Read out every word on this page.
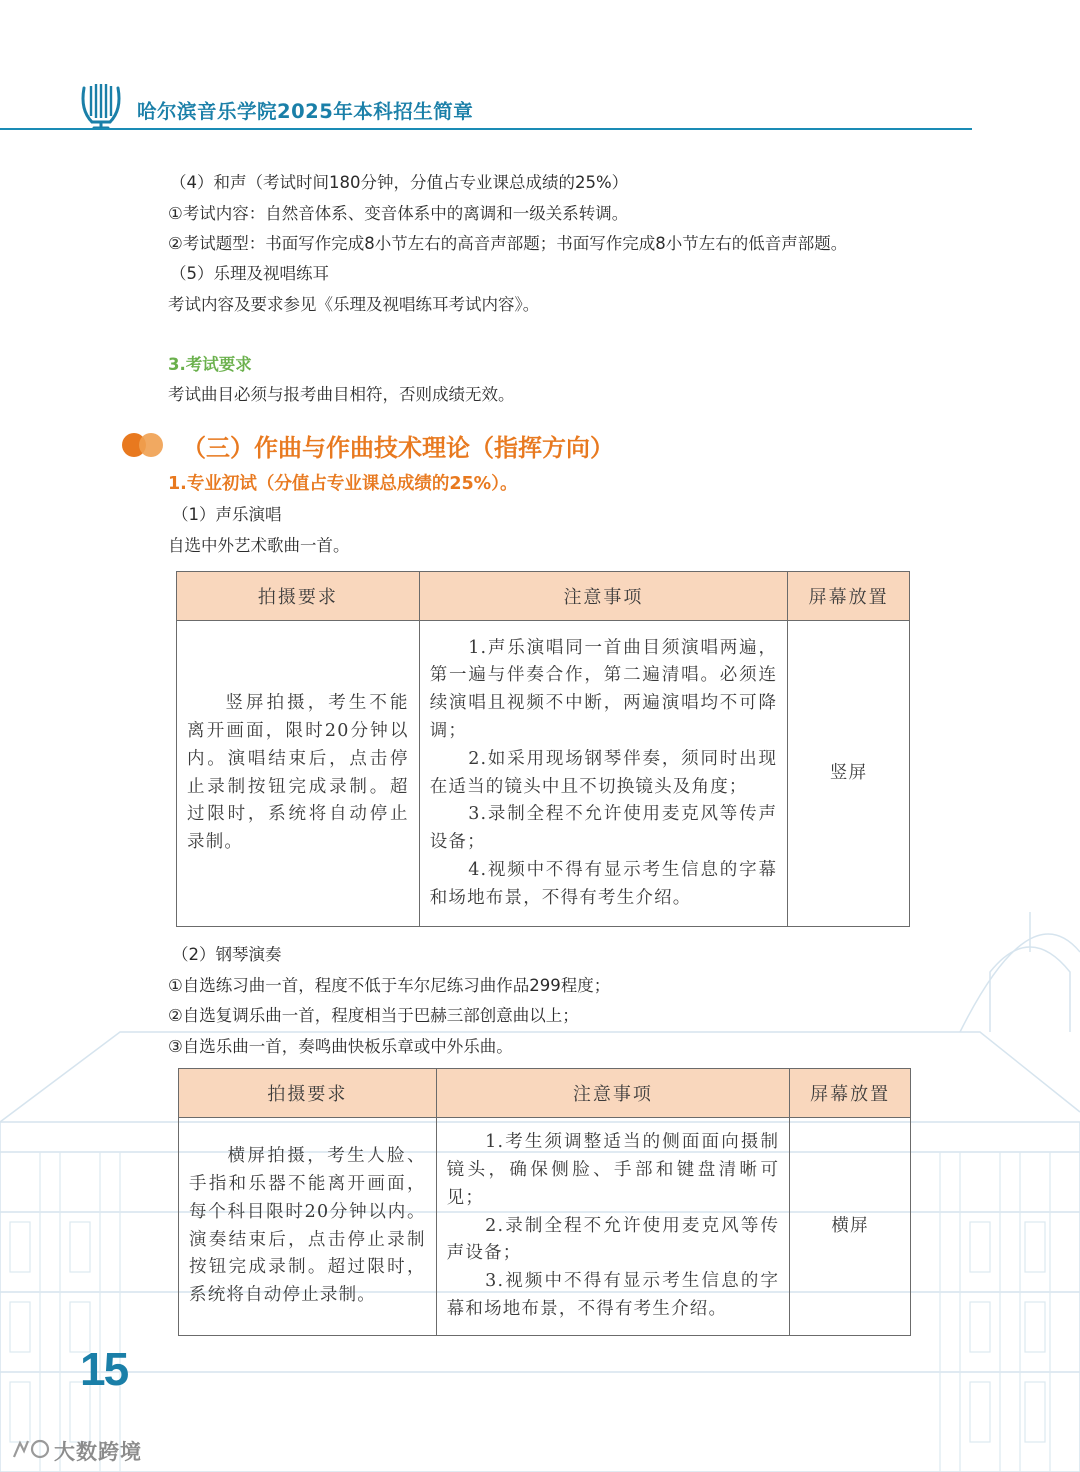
哈尔滨音乐学院2025年本科招生简章
（4）和声（考试时间180分钟，分值占专业课总成绩的25%）
①考试内容：自然音体系、变音体系中的离调和一级关系转调。
②考试题型：书面写作完成8小节左右的高音声部题；书面写作完成8小节左右的低音声部题。
（5）乐理及视唱练耳
考试内容及要求参见《乐理及视唱练耳考试内容》。
3.考试要求
考试曲目必须与报考曲目相符，否则成绩无效。
（三）作曲与作曲技术理论（指挥方向）
1.专业初试（分值占专业课总成绩的25%）。
（1）声乐演唱
自选中外艺术歌曲一首。
拍摄要求	注意事项	屏幕放置

竖屏拍摄，考生不能离开画面，限时20分钟以内。演唱结束后，点击停止录制按钮完成录制。超过限时，系统将自动停止录制。	1.声乐演唱同一首曲目须演唱两遍，第一遍与伴奏合作，第二遍清唱。必须连续演唱且视频不中断，两遍演唱均不可降调；
2.如采用现场钢琴伴奏，须同时出现在适当的镜头中且不切换镜头及角度；
3.录制全程不允许使用麦克风等传声设备；
4.视频中不得有显示考生信息的字幕和场地布景，不得有考生介绍。	竖屏
（2）钢琴演奏
①自选练习曲一首，程度不低于车尔尼练习曲作品299程度；
②自选复调乐曲一首，程度相当于巴赫三部创意曲以上；
③自选乐曲一首，奏鸣曲快板乐章或中外乐曲。
拍摄要求	注意事项	屏幕放置

横屏拍摄，考生人脸、手指和乐器不能离开画面，每个科目限时20分钟以内。演奏结束后，点击停止录制按钮完成录制。超过限时，系统将自动停止录制。	1.考生须调整适当的侧面面向摄制镜头，确保侧脸、手部和键盘清晰可见；
2.录制全程不允许使用麦克风等传声设备；
3.视频中不得有显示考生信息的字幕和场地布景，不得有考生介绍。	横屏
15
大数跨境
